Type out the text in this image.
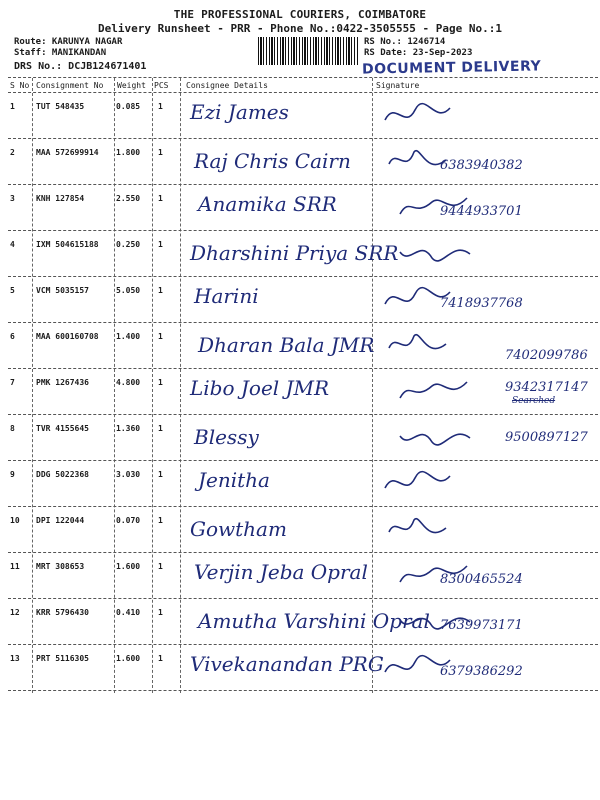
THE PROFESSIONAL COURIERS, COIMBATORE
Delivery Runsheet - PRR - Phone No.:0422-3505555 - Page No.:1
Route: KARUNYA NAGAR
Staff: MANIKANDAN
DRS No.: DCJB124671401
RS No.: 1246714
RS Date: 23-Sep-2023
DOCUMENT DELIVERY
S No Consignment No Weight PCS Consignee Details	Signature
1	TUT 548435	0.085 1 Ezi James
2	MAA 572699914 1.800 1 Raj Chris Cairn	6383940382
3	KNH 127854	2.550 1 Anamika SRR	9444933701
4	IXM 504615188 0.250 1 Dharshini Priya SRR
5	VCM 5035157	5.050 1 Harini	7418937768
6	MAA 600160708 1.400 1 Dharan Bala JMR	7402099786
7	PMK 1267436	4.800 1 Libo Joel JMR	9342317147
Searched
8	TVR 4155645	1.360 1 Blessy	9500897127
9	DDG 5022368	3.030 1 Jenitha
10 DPI 122044	0.070 1 Gowtham
11 MRT 308653	1.600 1 Verjin Jeba Opral	8300465524
12 KRR 5796430	0.410 1 Amutha Varshini Opral 7639973171
13 PRT 5116305	1.600 1 Vivekanandan PRG	6379386292
